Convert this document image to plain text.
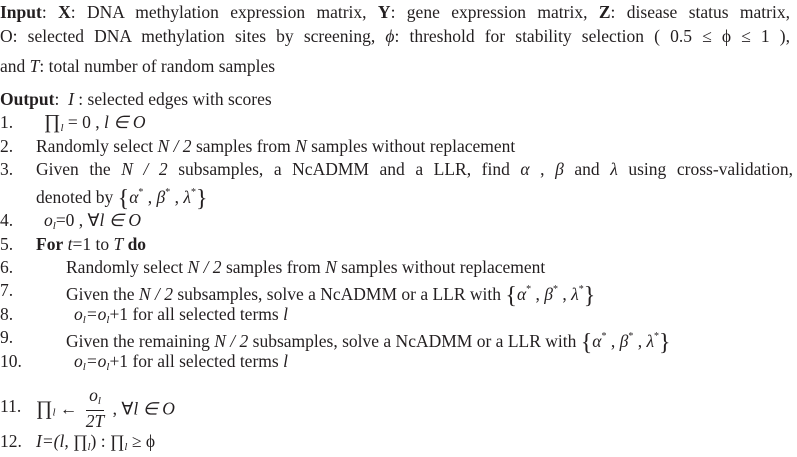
Input: X: DNA methylation expression matrix, Y: gene expression matrix, Z: disease status matrix,
O: selected DNA methylation sites by screening, ϕ: threshold for stability selection ( 0.5 ≤ ϕ ≤ 1 ),
and T: total number of random samples
Output:  I : selected edges with scores
1. $\prod_l = 0$ , l ∈ O
2. Randomly select N / 2 samples from N samples without replacement
3. Given the N / 2 subsamples, a NcADMM and a LLR, find α , β and λ using cross-validation,
denoted by {α* , β* , λ*}
4. $o_l=0$ , ∀l ∈ O
5. For t=1 to T do
6.	Randomly select N / 2 samples from N samples without replacement
7.	Given the N / 2 subsamples, solve a NcADMM or a LLR with {α* , β* , λ*}
8.	$o_l=o_l+1$ for all selected terms l
9.	Given the remaining N / 2 subsamples, solve a NcADMM or a LLR with {α* , β* , λ*}
10.	$o_l=o_l+1$ for all selected terms l
11. $\prod_l$ ← $\frac{o_l}{2T}$ , ∀l ∈ O
12. I=(l, $\prod_l$) : $\prod_l \ge \phi$
